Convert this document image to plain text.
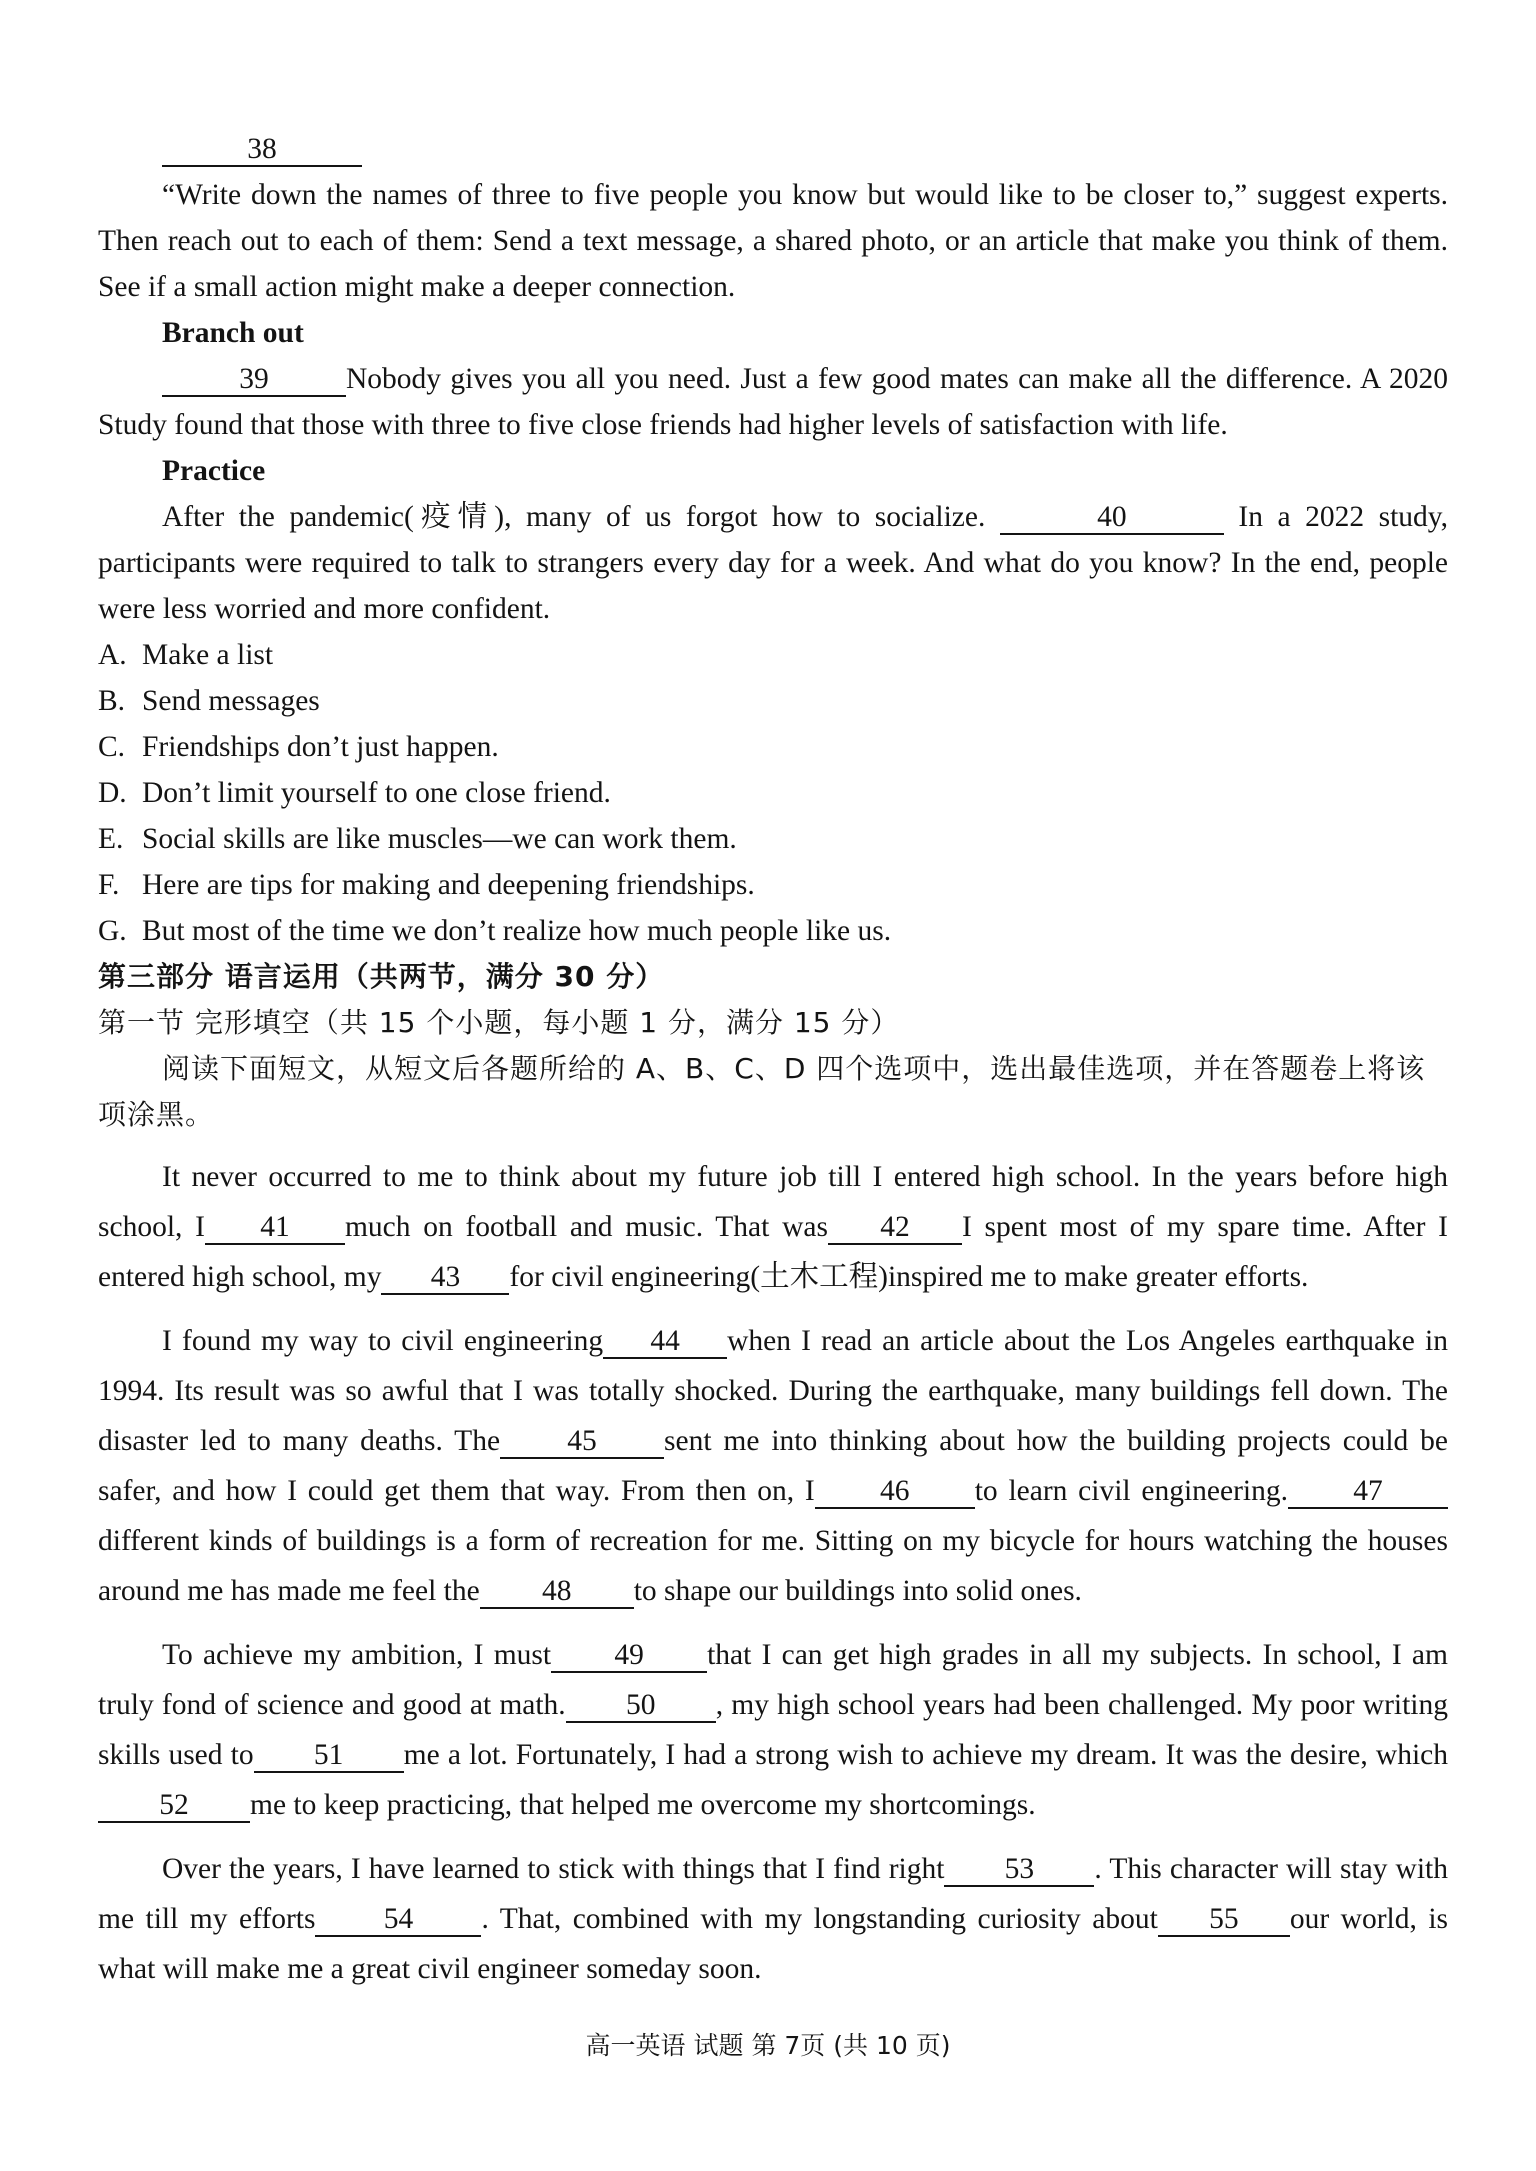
38

“Write down the names of three to five people you know but would like to be closer to,” suggest experts. Then reach out to each of them: Send a text message, a shared photo, or an article that make you think of them. See if a small action might make a deeper connection.

Branch out

39	Nobody gives you all you need. Just a few good mates can make all the difference. A 2020 Study found that those with three to five close friends had higher levels of satisfaction with life.

Practice

After the pandemic(疫情), many of us forgot how to socialize.	40	In a 2022 study, participants were required to talk to strangers every day for a week. And what do you know? In the end, people were less worried and more confident.

A. Make a list

B. Send messages

C. Friendships don’t just happen.

D. Don’t limit yourself to one close friend.

E. Social skills are like muscles—we can work them.

F. Here are tips for making and deepening friendships.

G. But most of the time we don’t realize how much people like us.

第三部分 语言运用（共两节，满分 30 分）

第一节 完形填空（共 15 个小题，每小题 1 分，满分 15 分）

阅读下面短文，从短文后各题所给的 A、B、C、D 四个选项中，选出最佳选项，并在答题卷上将该项涂黑。

It never occurred to me to think about my future job till I entered high school. In the years before high school, I 41 much on football and music. That was 42 I spent most of my spare time. After I entered high school, my 43 for civil engineering(土木工程)inspired me to make greater efforts.

I found my way to civil engineering 44 when I read an article about the Los Angeles earthquake in 1994. Its result was so awful that I was totally shocked. During the earthquake, many buildings fell down. The disaster led to many deaths. The 45 sent me into thinking about how the building projects could be safer, and how I could get them that way. From then on, I 46 to learn civil engineering. 47different kinds of buildings is a form of recreation for me. Sitting on my bicycle for hours watching the houses around me has made me feel the 48 to shape our buildings into solid ones.

To achieve my ambition, I must 49 that I can get high grades in all my subjects. In school, I am truly fond of science and good at math. 50 , my high school years had been challenged. My poor writing skills used to 51 me a lot. Fortunately, I had a strong wish to achieve my dream. It was the desire, which52 me to keep practicing, that helped me overcome my shortcomings.

Over the years, I have learned to stick with things that I find right 53 . This character will stay with me till my efforts 54 . That, combined with my longstanding curiosity about 55 our world, is what will make me a great civil engineer someday soon.

高一英语 试题 第 7页 (共 10 页)
